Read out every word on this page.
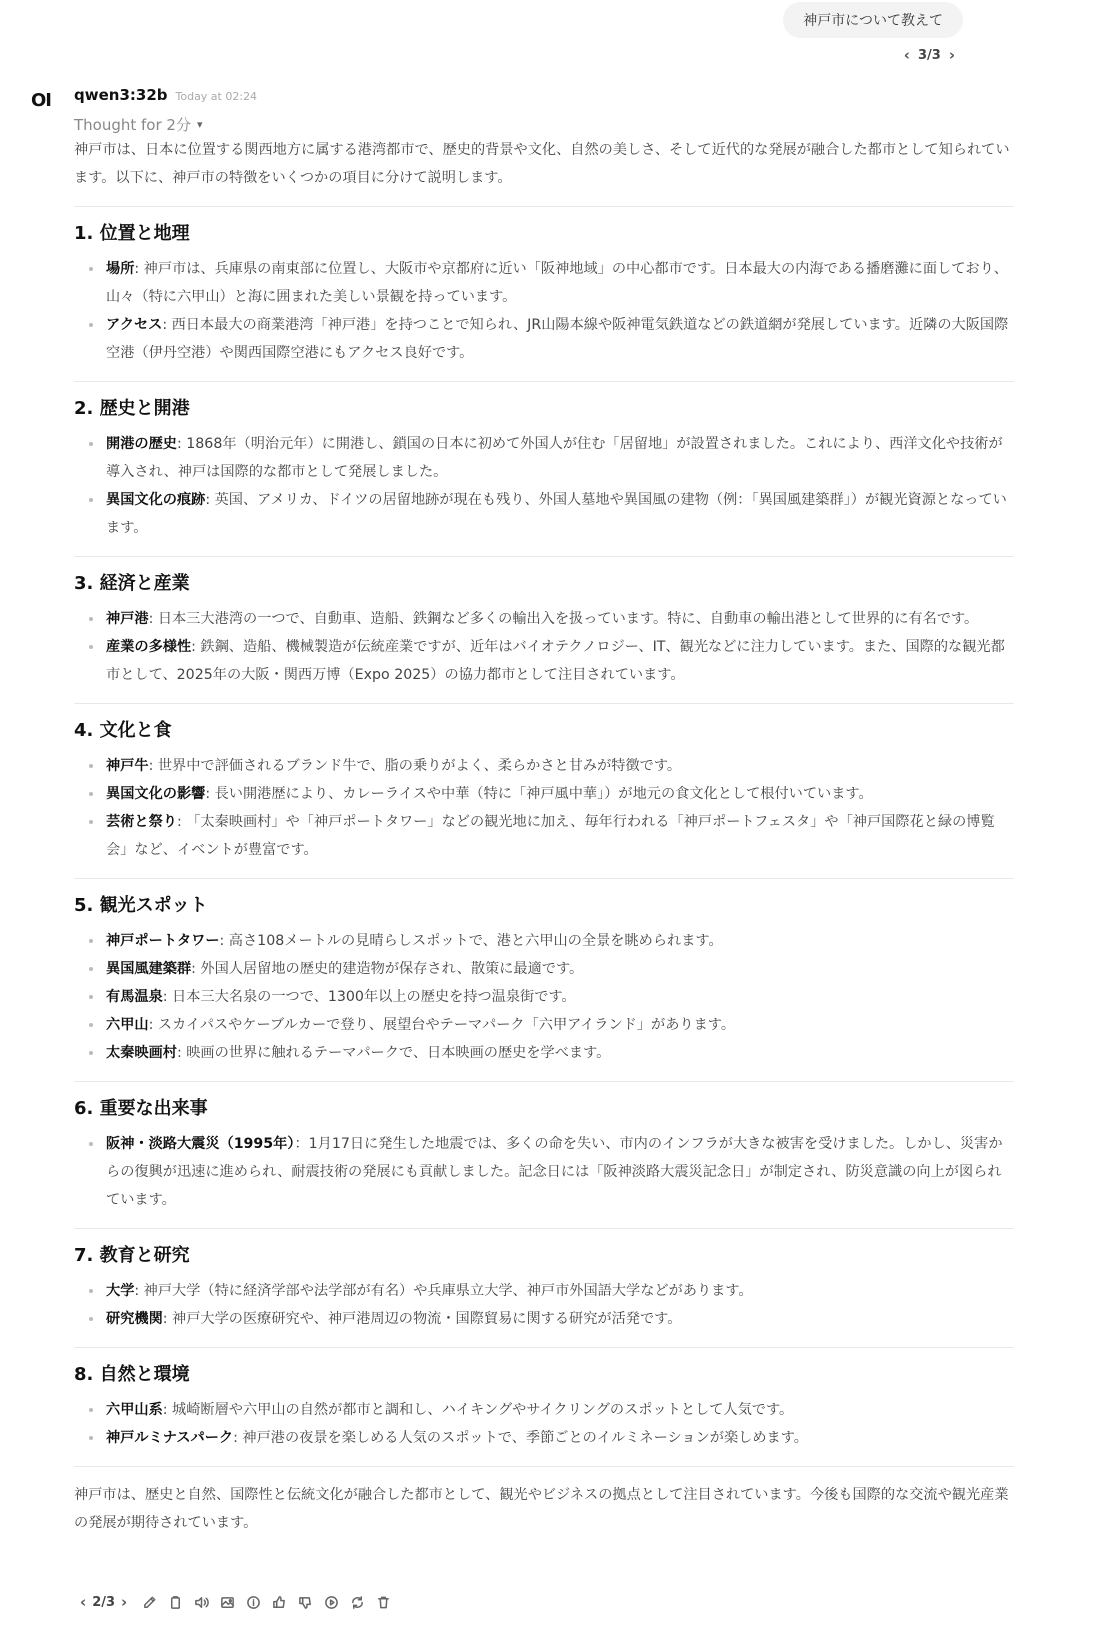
神戸市について教えて
‹ 3/3 ›
OI qwen3:32b Today at 02:24
Thought for 2分 ▾

神戸市は、日本に位置する関西地方に属する港湾都市で、歴史的背景や文化、自然の美しさ、そして近代的な発展が融合した都市として知られています。以下に、神戸市の特徴をいくつかの項目に分けて説明します。

1. 位置と地理
場所: 神戸市は、兵庫県の南東部に位置し、大阪市や京都府に近い「阪神地域」の中心都市です。日本最大の内海である播磨灘に面しており、山々（特に六甲山）と海に囲まれた美しい景観を持っています。
アクセス: 西日本最大の商業港湾「神戸港」を持つことで知られ、JR山陽本線や阪神電気鉄道などの鉄道網が発展しています。近隣の大阪国際空港（伊丹空港）や関西国際空港にもアクセス良好です。
2. 歴史と開港
開港の歴史: 1868年（明治元年）に開港し、鎖国の日本に初めて外国人が住む「居留地」が設置されました。これにより、西洋文化や技術が導入され、神戸は国際的な都市として発展しました。
異国文化の痕跡: 英国、アメリカ、ドイツの居留地跡が現在も残り、外国人墓地や異国風の建物（例：「異国風建築群」）が観光資源となっています。
3. 経済と産業
神戸港: 日本三大港湾の一つで、自動車、造船、鉄鋼など多くの輸出入を扱っています。特に、自動車の輸出港として世界的に有名です。
産業の多様性: 鉄鋼、造船、機械製造が伝統産業ですが、近年はバイオテクノロジー、IT、観光などに注力しています。また、国際的な観光都市として、2025年の大阪・関西万博（Expo 2025）の協力都市として注目されています。
4. 文化と食
神戸牛: 世界中で評価されるブランド牛で、脂の乗りがよく、柔らかさと甘みが特徴です。
異国文化の影響: 長い開港歴により、カレーライスや中華（特に「神戸風中華」）が地元の食文化として根付いています。
芸術と祭り: 「太秦映画村」や「神戸ポートタワー」などの観光地に加え、毎年行われる「神戸ポートフェスタ」や「神戸国際花と緑の博覧会」など、イベントが豊富です。
5. 観光スポット
神戸ポートタワー: 高さ108メートルの見晴らしスポットで、港と六甲山の全景を眺められます。
異国風建築群: 外国人居留地の歴史的建造物が保存され、散策に最適です。
有馬温泉: 日本三大名泉の一つで、1300年以上の歴史を持つ温泉街です。
六甲山: スカイパスやケーブルカーで登り、展望台やテーマパーク「六甲アイランド」があります。
太秦映画村: 映画の世界に触れるテーマパークで、日本映画の歴史を学べます。
6. 重要な出来事
阪神・淡路大震災（1995年）：1月17日に発生した地震では、多くの命を失い、市内のインフラが大きな被害を受けました。しかし、災害からの復興が迅速に進められ、耐震技術の発展にも貢献しました。記念日には「阪神淡路大震災記念日」が制定され、防災意識の向上が図られています。
7. 教育と研究
大学: 神戸大学（特に経済学部や法学部が有名）や兵庫県立大学、神戸市外国語大学などがあります。
研究機関: 神戸大学の医療研究や、神戸港周辺の物流・国際貿易に関する研究が活発です。
8. 自然と環境
六甲山系: 城崎断層や六甲山の自然が都市と調和し、ハイキングやサイクリングのスポットとして人気です。
神戸ルミナスパーク: 神戸港の夜景を楽しめる人気のスポットで、季節ごとのイルミネーションが楽しめます。

神戸市は、歴史と自然、国際性と伝統文化が融合した都市として、観光やビジネスの拠点として注目されています。今後も国際的な交流や観光産業の発展が期待されています。

‹ 2/3 ›
